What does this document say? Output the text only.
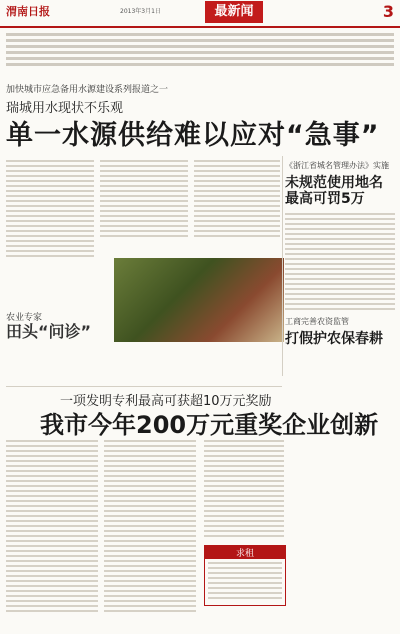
渭南日报	2013年3月1日	最新闻	3
加快城市应急备用水源建设系列报道之一
瑞城用水现状不乐观
单一水源供给难以应对“急事”
《浙江省城名管理办法》实施
未规范使用地名最高可罚5万
工商完善农资监管
打假护农保春耕
农业专家
田头“问诊”
一项发明专利最高可获超10万元奖励
我市今年200万元重奖企业创新
求租
